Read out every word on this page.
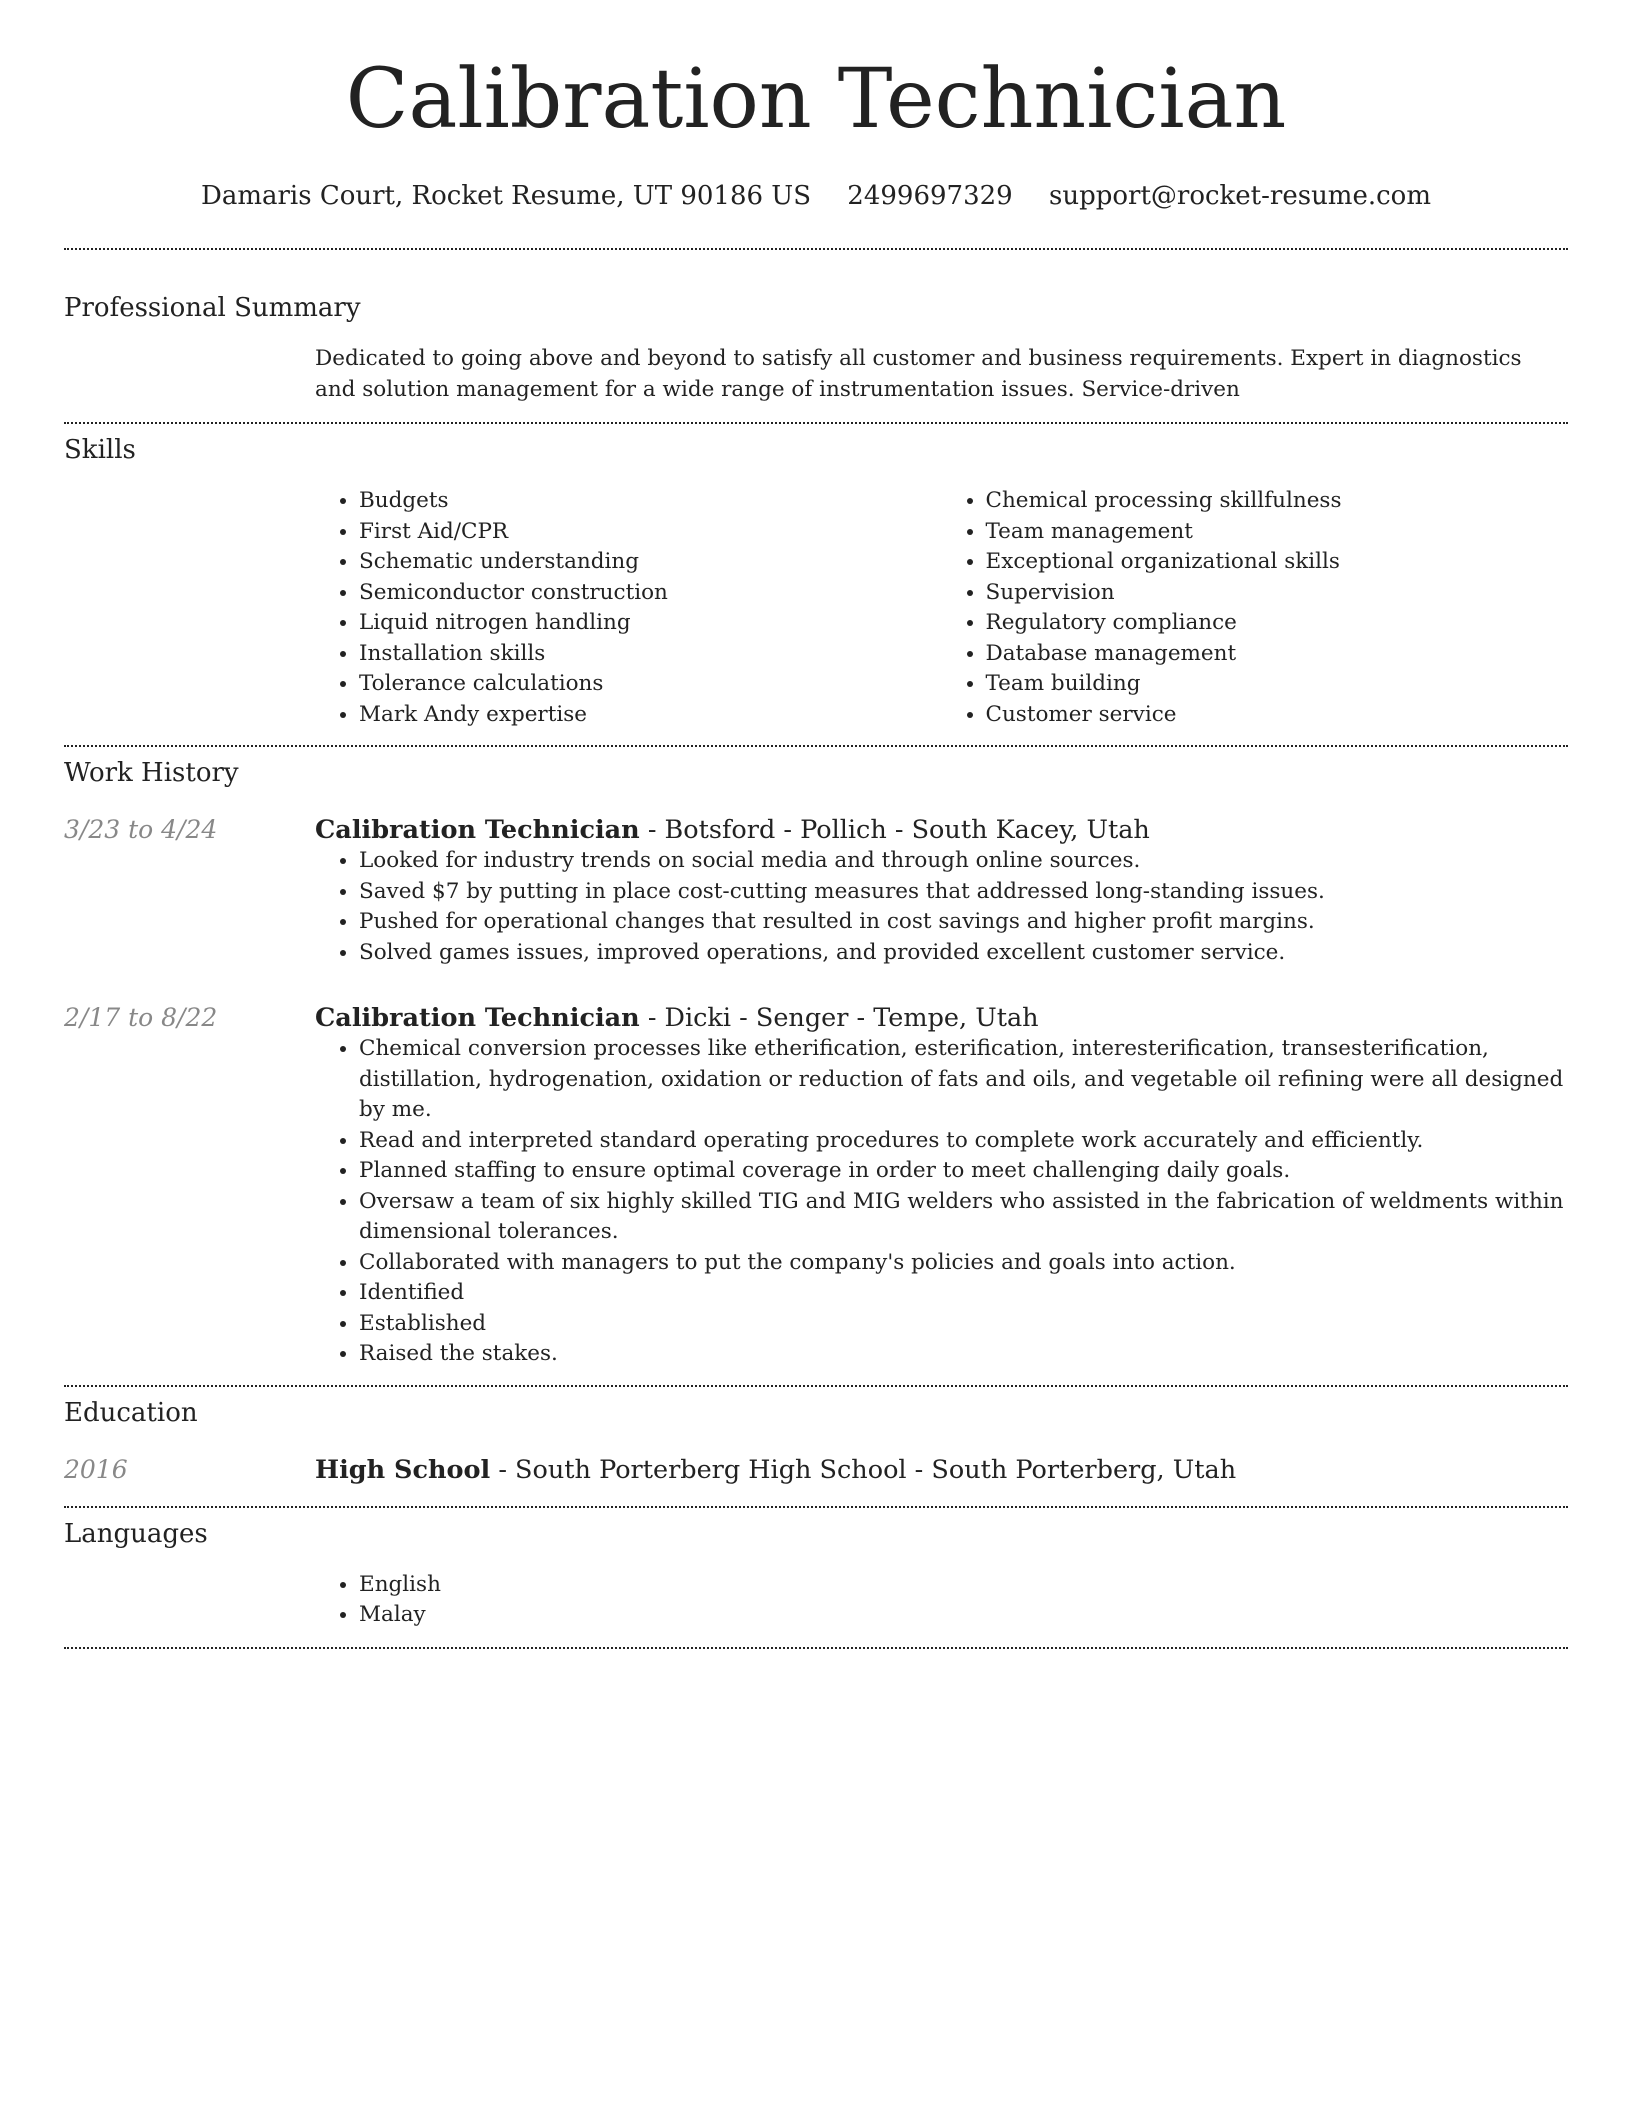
Calibration Technician
Damaris Court, Rocket Resume, UT 90186 US 2499697329 support@rocket-resume.com
Professional Summary
Dedicated to going above and beyond to satisfy all customer and business requirements. Expert in diagnostics and solution management for a wide range of instrumentation issues. Service-driven
Skills
• Budgets
• First Aid/CPR
• Schematic understanding
• Semiconductor construction
• Liquid nitrogen handling
• Installation skills
• Tolerance calculations
• Mark Andy expertise
• Chemical processing skillfulness
• Team management
• Exceptional organizational skills
• Supervision
• Regulatory compliance
• Database management
• Team building
• Customer service
Work History
3/23 to 4/24	Calibration Technician - Botsford - Pollich - South Kacey, Utah
• Looked for industry trends on social media and through online sources.
• Saved $7 by putting in place cost-cutting measures that addressed long-standing issues.
• Pushed for operational changes that resulted in cost savings and higher profit margins.
• Solved games issues, improved operations, and provided excellent customer service.
2/17 to 8/22	Calibration Technician - Dicki - Senger - Tempe, Utah
• Chemical conversion processes like etherification, esterification, interesterification, transesterification, distillation, hydrogenation, oxidation or reduction of fats and oils, and vegetable oil refining were all designed by me.
• Read and interpreted standard operating procedures to complete work accurately and efficiently.
• Planned staffing to ensure optimal coverage in order to meet challenging daily goals.
• Oversaw a team of six highly skilled TIG and MIG welders who assisted in the fabrication of weldments within dimensional tolerances.
• Collaborated with managers to put the company's policies and goals into action.
• Identified
• Established
• Raised the stakes.
Education
2016	High School - South Porterberg High School - South Porterberg, Utah
Languages
• English
• Malay
